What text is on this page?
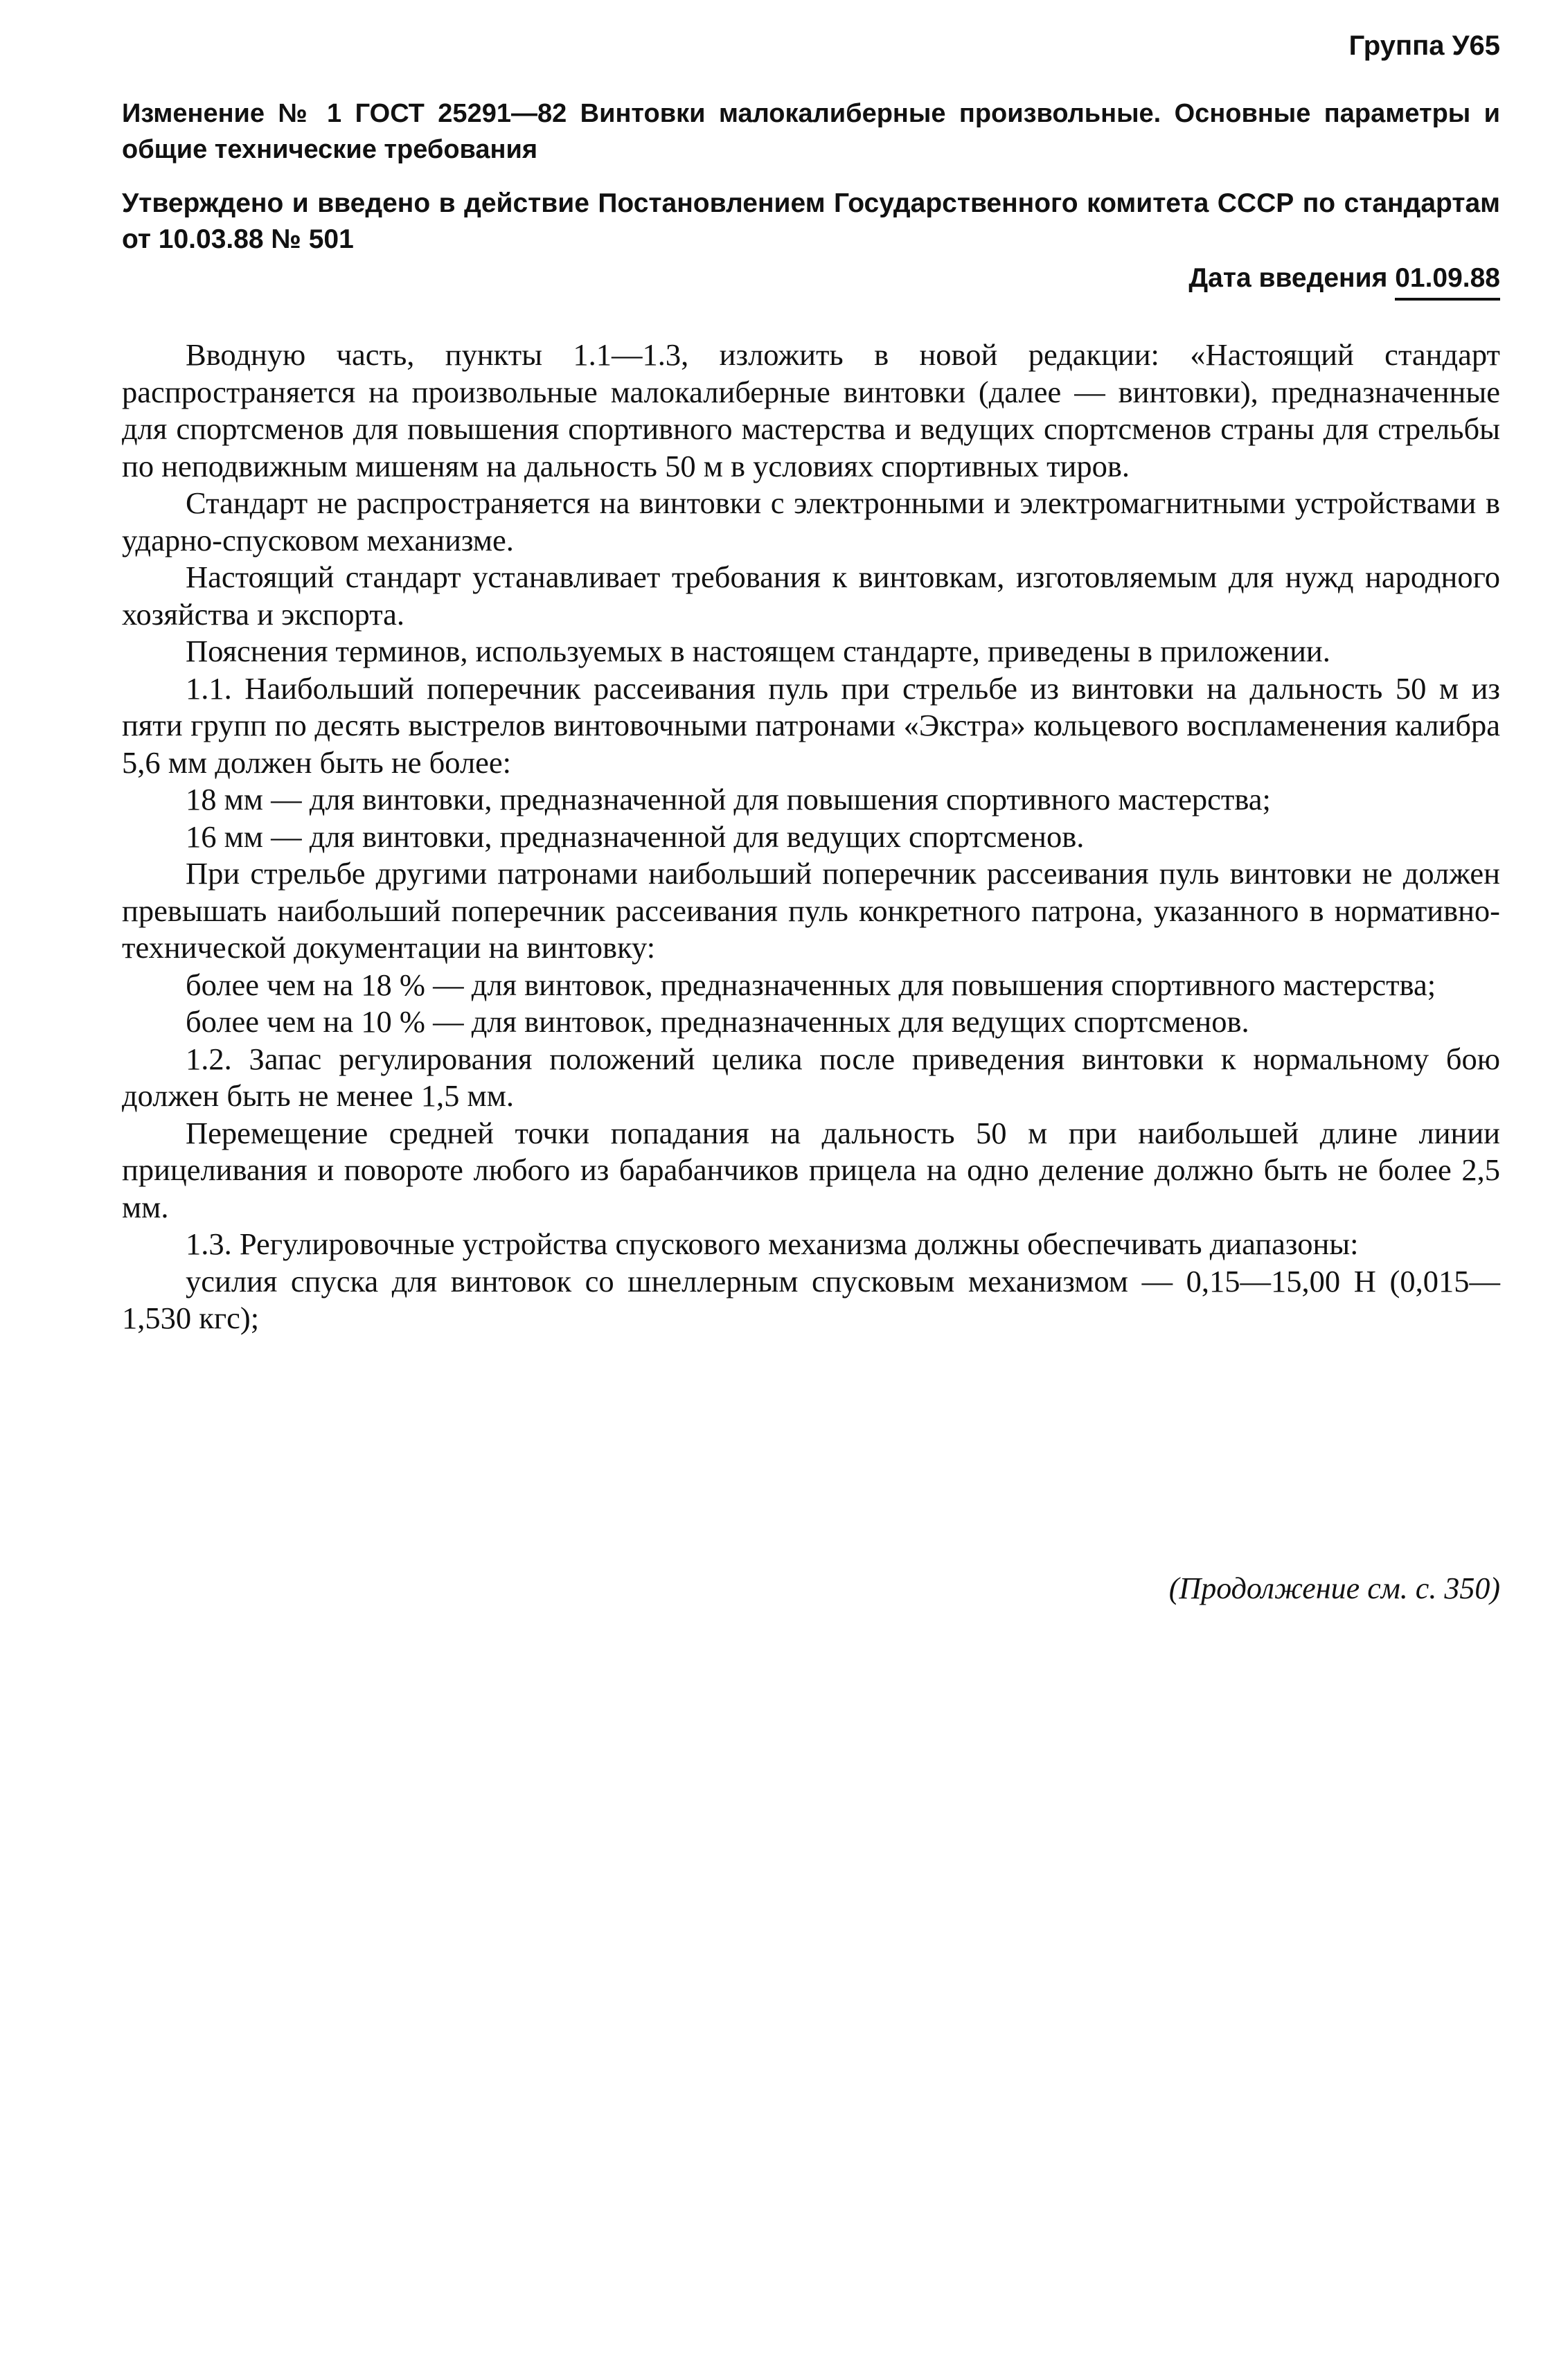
Группа У65

Изменение № 1 ГОСТ 25291—82 Винтовки малокалиберные произвольные. Основные параметры и общие технические требования

Утверждено и введено в действие Постановлением Государственного комитета СССР по стандартам от 10.03.88 № 501

Дата введения 01.09.88

Вводную часть, пункты 1.1—1.3, изложить в новой редакции: «Настоящий стандарт распространяется на произвольные малокалиберные винтовки (далее — винтовки), предназначенные для спортсменов для повышения спортивного мастерства и ведущих спортсменов страны для стрельбы по неподвижным мишеням на дальность 50 м в условиях спортивных тиров.

Стандарт не распространяется на винтовки с электронными и электромагнитными устройствами в ударно-спусковом механизме.

Настоящий стандарт устанавливает требования к винтовкам, изготовляемым для нужд народного хозяйства и экспорта.

Пояснения терминов, используемых в настоящем стандарте, приведены в приложении.

1.1. Наибольший поперечник рассеивания пуль при стрельбе из винтовки на дальность 50 м из пяти групп по десять выстрелов винтовочными патронами «Экстра» кольцевого воспламенения калибра 5,6 мм должен быть не более:

18 мм — для винтовки, предназначенной для повышения спортивного мастерства;

16 мм — для винтовки, предназначенной для ведущих спортсменов.

При стрельбе другими патронами наибольший поперечник рассеивания пуль винтовки не должен превышать наибольший поперечник рассеивания пуль конкретного патрона, указанного в нормативно-технической документации на винтовку:

более чем на 18 % — для винтовок, предназначенных для повышения спортивного мастерства;

более чем на 10 % — для винтовок, предназначенных для ведущих спортсменов.

1.2. Запас регулирования положений целика после приведения винтовки к нормальному бою должен быть не менее 1,5 мм.

Перемещение средней точки попадания на дальность 50 м при наибольшей длине линии прицеливания и повороте любого из барабанчиков прицела на одно деление должно быть не более 2,5 мм.

1.3. Регулировочные устройства спускового механизма должны обеспечивать диапазоны:

усилия спуска для винтовок со шнеллерным спусковым механизмом — 0,15—15,00 Н (0,015—1,530 кгс);

(Продолжение см. с. 350)
